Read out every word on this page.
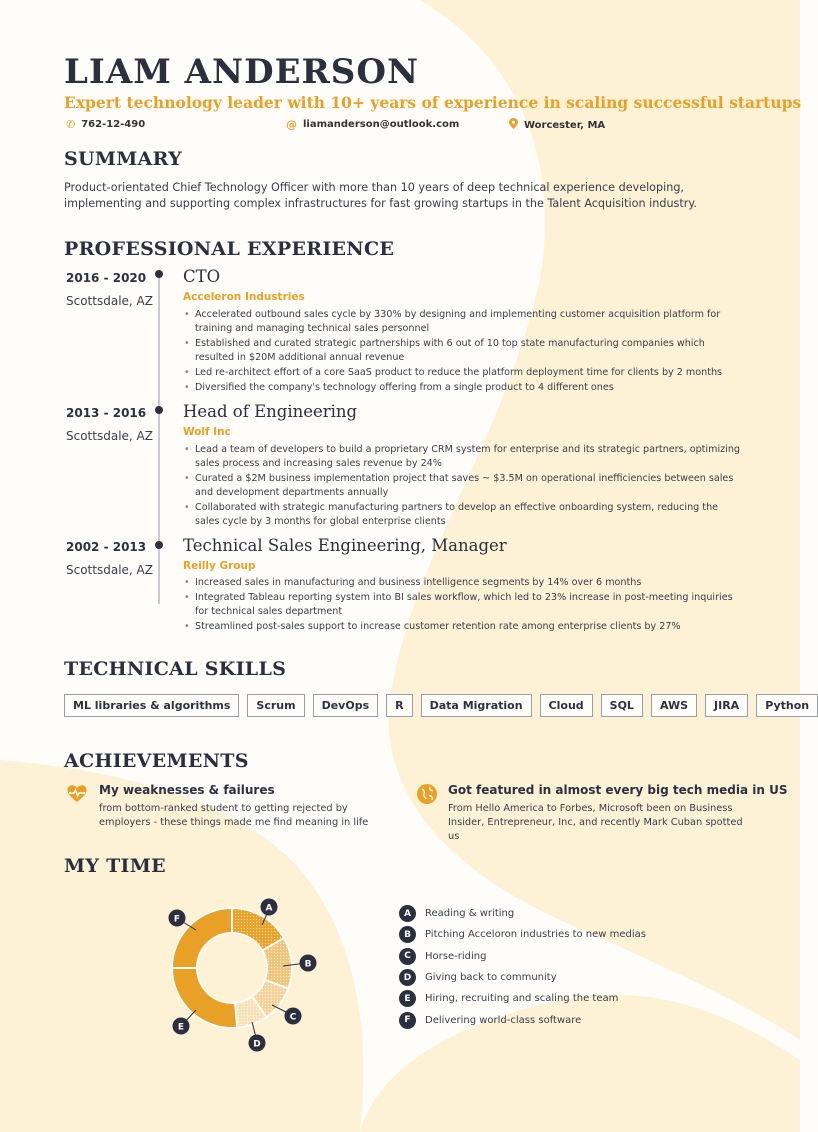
LIAM ANDERSON

Expert technology leader with 10+ years of experience in scaling successful startups

✆ 762-12-490	@ liamanderson@outlook.com	Worcester, MA
SUMMARY

Product-orientated Chief Technology Officer with more than 10 years of deep technical experience developing, implementing and supporting complex infrastructures for fast growing startups in the Talent Acquisition industry.

PROFESSIONAL EXPERIENCE
2016 - 2020
Scottsdale, AZ
CTO
Acceleron Industries
• Accelerated outbound sales cycle by 330% by designing and implementing customer acquisition platform for training and managing technical sales personnel
• Established and curated strategic partnerships with 6 out of 10 top state manufacturing companies which resulted in $20M additional annual revenue
• Led re-architect effort of a core SaaS product to reduce the platform deployment time for clients by 2 months
• Diversified the company's technology offering from a single product to 4 different ones
2013 - 2016
Scottsdale, AZ
Head of Engineering
Wolf Inc
• Lead a team of developers to build a proprietary CRM system for enterprise and its strategic partners, optimizing sales process and increasing sales revenue by 24%
• Curated a $2M business implementation project that saves ~ $3.5M on operational inefficiencies between sales and development departments annually
• Collaborated with strategic manufacturing partners to develop an effective onboarding system, reducing the sales cycle by 3 months for global enterprise clients
2002 - 2013
Scottsdale, AZ
Technical Sales Engineering, Manager
Reilly Group
• Increased sales in manufacturing and business intelligence segments by 14% over 6 months
• Integrated Tableau reporting system into BI sales workflow, which led to 23% increase in post-meeting inquiries for technical sales department
• Streamlined post-sales support to increase customer retention rate among enterprise clients by 27%
TECHNICAL SKILLS
ML libraries & algorithms	Scrum	DevOps	R	Data Migration	Cloud	SQL	AWS	JIRA	Python
ACHIEVEMENTS
My weaknesses & failures

from bottom-ranked student to getting rejected by employers - these things made me find meaning in life

Got featured in almost every big tech media in US

From Hello America to Forbes, Microsoft been on Business Insider, Entrepreneur, Inc, and recently Mark Cuban spotted us

MY TIME
A
B
C
D
E
F
A	Reading & writing
B	Pitching Acceloron industries to new medias
C	Horse-riding
D	Giving back to community
E	Hiring, recruiting and scaling the team
F	Delivering world-class software
